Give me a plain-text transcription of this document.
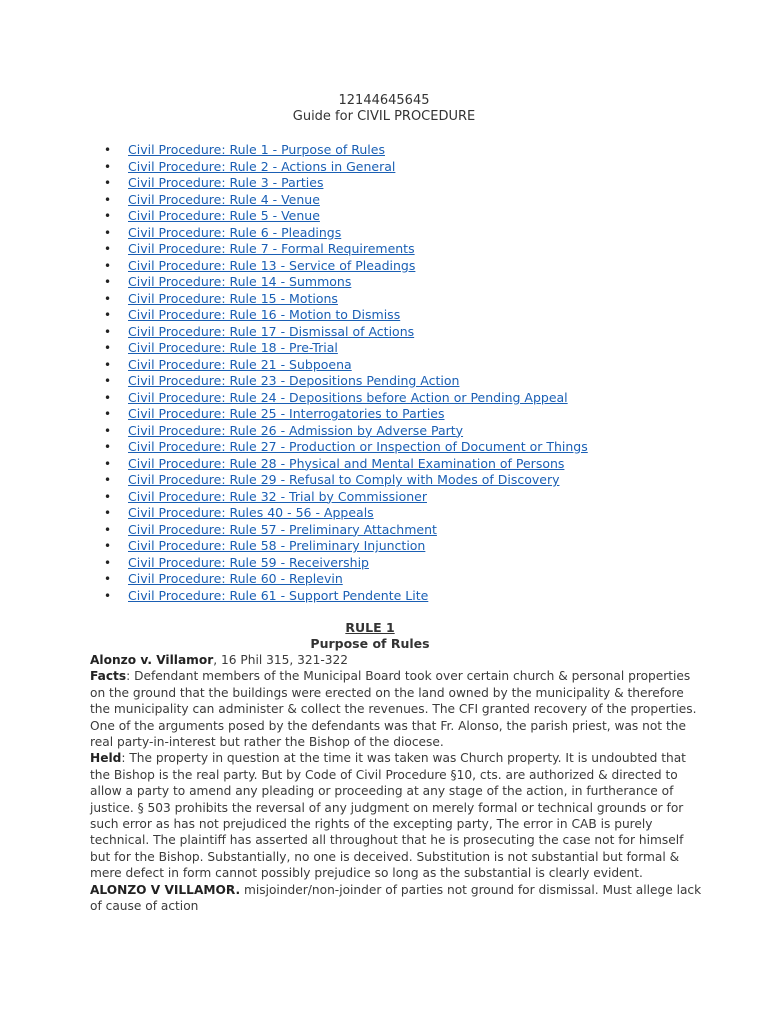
12144645645
Guide for CIVIL PROCEDURE
• Civil Procedure: Rule 1 - Purpose of Rules
• Civil Procedure: Rule 2 - Actions in General
• Civil Procedure: Rule 3 - Parties
• Civil Procedure: Rule 4 - Venue
• Civil Procedure: Rule 5 - Venue
• Civil Procedure: Rule 6 - Pleadings
• Civil Procedure: Rule 7 - Formal Requirements
• Civil Procedure: Rule 13 - Service of Pleadings
• Civil Procedure: Rule 14 - Summons
• Civil Procedure: Rule 15 - Motions
• Civil Procedure: Rule 16 - Motion to Dismiss
• Civil Procedure: Rule 17 - Dismissal of Actions
• Civil Procedure: Rule 18 - Pre-Trial
• Civil Procedure: Rule 21 - Subpoena
• Civil Procedure: Rule 23 - Depositions Pending Action
• Civil Procedure: Rule 24 - Depositions before Action or Pending Appeal
• Civil Procedure: Rule 25 - Interrogatories to Parties
• Civil Procedure: Rule 26 - Admission by Adverse Party
• Civil Procedure: Rule 27 - Production or Inspection of Document or Things
• Civil Procedure: Rule 28 - Physical and Mental Examination of Persons
• Civil Procedure: Rule 29 - Refusal to Comply with Modes of Discovery
• Civil Procedure: Rule 32 - Trial by Commissioner
• Civil Procedure: Rules 40 - 56 - Appeals
• Civil Procedure: Rule 57 - Preliminary Attachment
• Civil Procedure: Rule 58 - Preliminary Injunction
• Civil Procedure: Rule 59 - Receivership
• Civil Procedure: Rule 60 - Replevin
• Civil Procedure: Rule 61 - Support Pendente Lite
RULE 1
Purpose of Rules

Alonzo v. Villamor, 16 Phil 315, 321-322

Facts: Defendant members of the Municipal Board took over certain church & personal properties on the ground that the buildings were erected on the land owned by the municipality & therefore the municipality can administer & collect the revenues. The CFI granted recovery of the properties. One of the arguments posed by the defendants was that Fr. Alonso, the parish priest, was not the real party-in-interest but rather the Bishop of the diocese.

Held: The property in question at the time it was taken was Church property. It is undoubted that the Bishop is the real party. But by Code of Civil Procedure §10, cts. are authorized & directed to allow a party to amend any pleading or proceeding at any stage of the action, in furtherance of justice. § 503 prohibits the reversal of any judgment on merely formal or technical grounds or for such error as has not prejudiced the rights of the excepting party, The error in CAB is purely technical. The plaintiff has asserted all throughout that he is prosecuting the case not for himself but for the Bishop. Substantially, no one is deceived. Substitution is not substantial but formal & mere defect in form cannot possibly prejudice so long as the substantial is clearly evident.

ALONZO V VILLAMOR. misjoinder/non-joinder of parties not ground for dismissal. Must allege lack of cause of action
